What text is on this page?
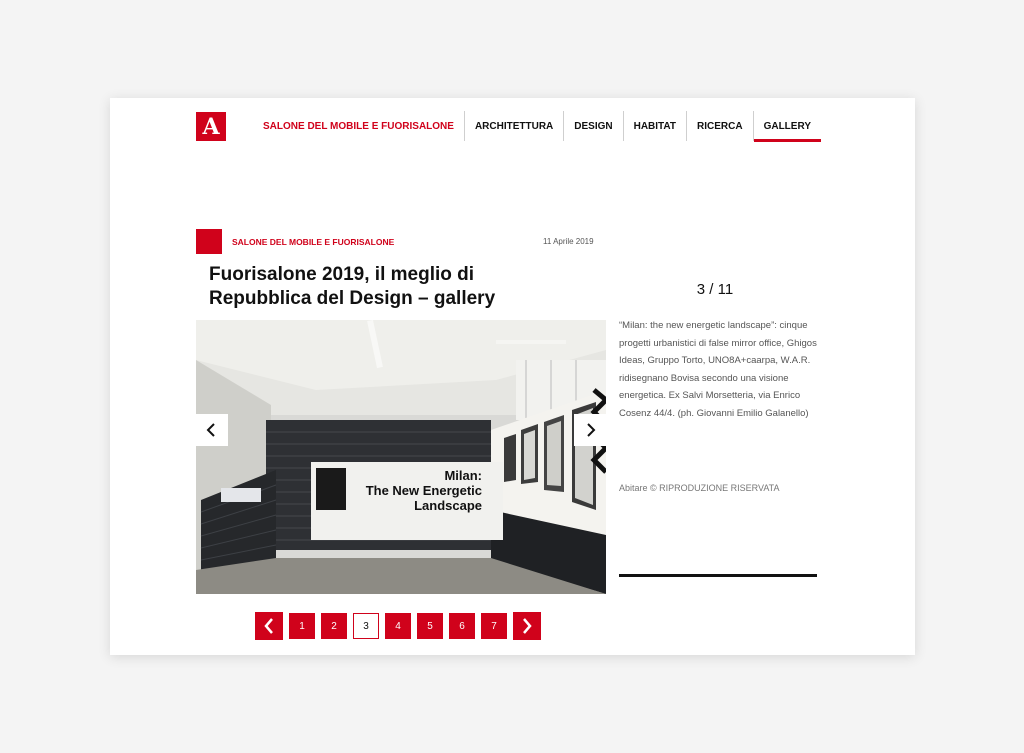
A	SALONE DEL MOBILE E FUORISALONE	ARCHITETTURA	DESIGN	HABITAT	RICERCA	GALLERY
SALONE DEL MOBILE E FUORISALONE	11 Aprile 2019
Fuorisalone 2019, il meglio di Repubblica del Design – gallery	3 / 11
Milan:
The New Energetic
Landscape

“Milan: the new energetic landscape”: cinque progetti urbanistici di false mirror office, Ghigos Ideas, Gruppo Torto, UNO8A+caarpa, W.A.R. ridisegnano Bovisa secondo una visione energetica. Ex Salvi Morsetteria, via Enrico Cosenz 44/4. (ph. Giovanni Emilio Galanello)

Abitare © RIPRODUZIONE RISERVATA
1	2	3	4	5	6	7
